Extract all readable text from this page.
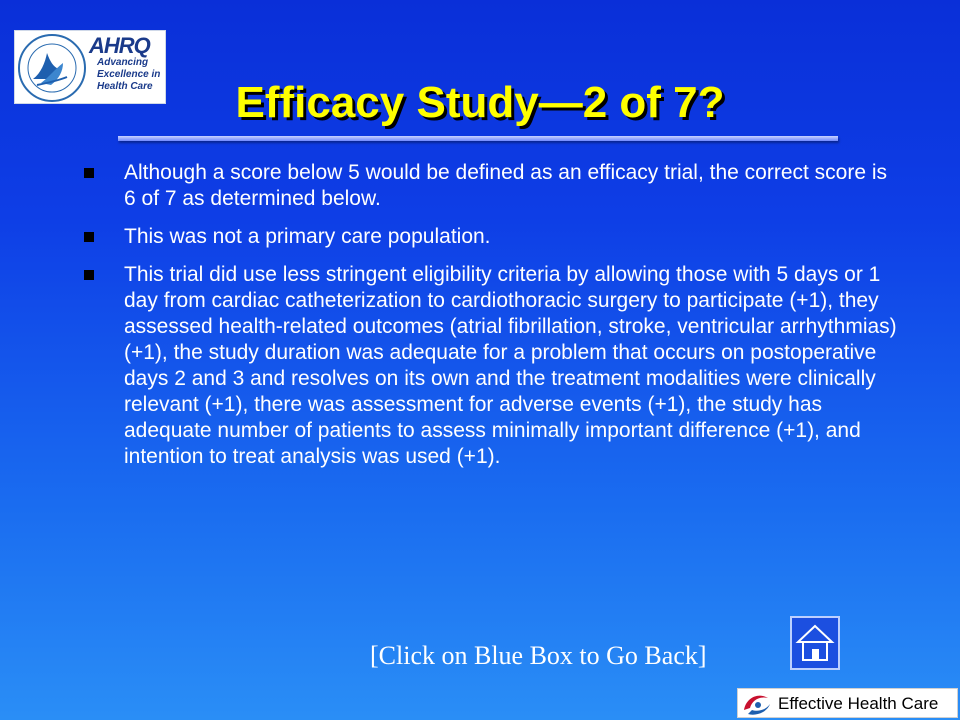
AHRQ
Advancing
Excellence in
Health Care	Efficacy Study—2 of 7?
Although a score below 5 would be defined as an efficacy trial, the correct score is 6 of 7 as determined below.
This was not a primary care population.
This trial did use less stringent eligibility criteria by allowing those with 5 days or 1 day from cardiac catheterization to cardiothoracic surgery to participate (+1), they assessed health-related outcomes (atrial fibrillation, stroke, ventricular arrhythmias) (+1), the study duration was adequate for a problem that occurs on postoperative days 2 and 3 and resolves on its own and the treatment modalities were clinically relevant (+1), there was assessment for adverse events (+1), the study has adequate number of patients to assess minimally important difference (+1), and intention to treat analysis was used (+1).
[Click on Blue Box to Go Back]
Effective Health Care
